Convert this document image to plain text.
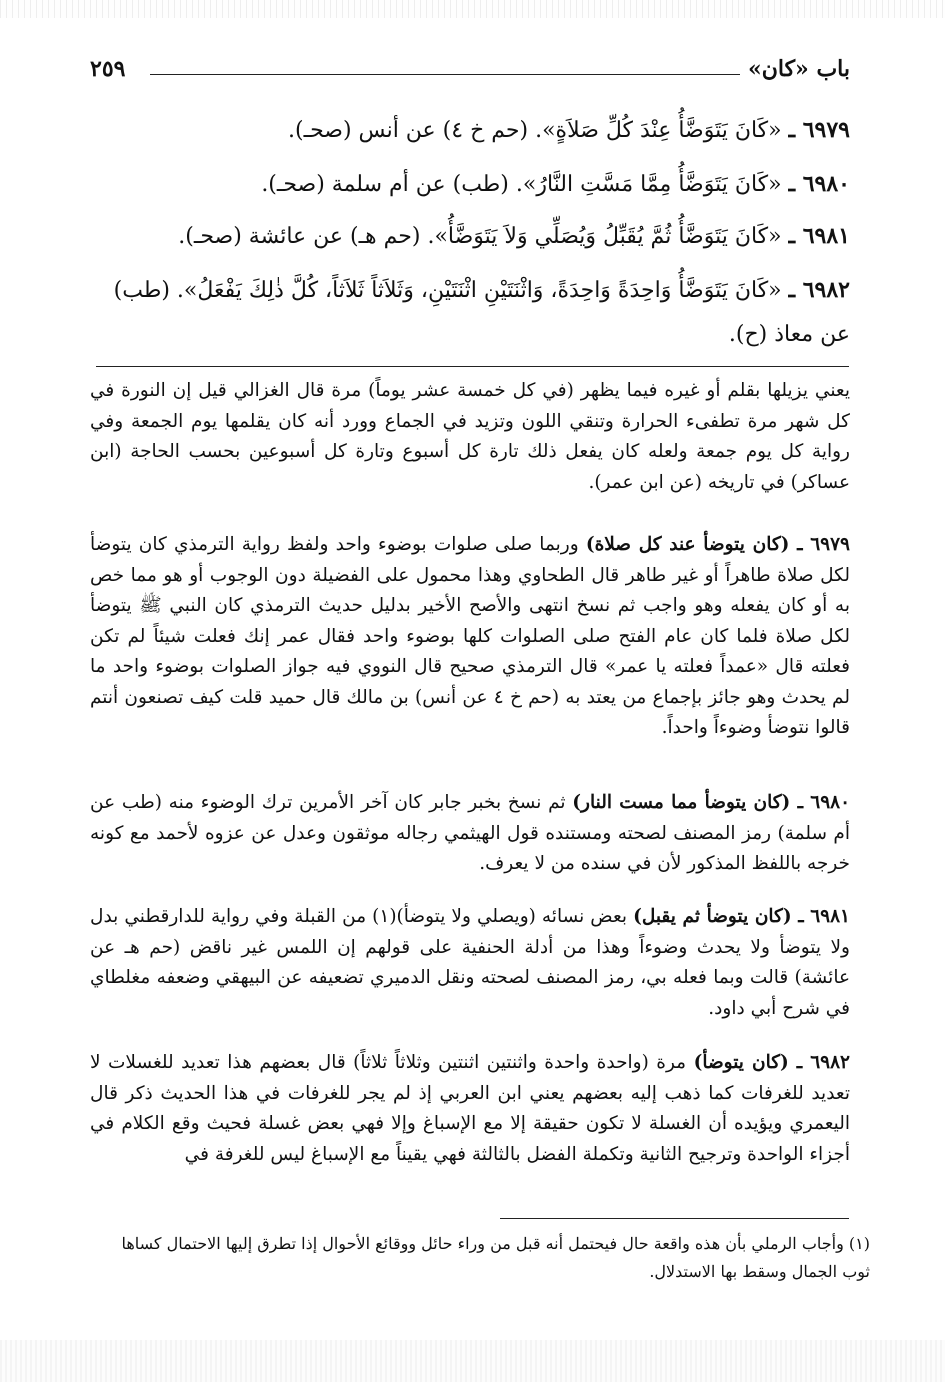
باب «كان»
٢٥٩
٦٩٧٩ ـ «كَانَ يَتَوَضَّأُ عِنْدَ كُلِّ صَلاَةٍ». (حم خ ٤) عن أنس (صحـ).
٦٩٨٠ ـ «كَانَ يَتَوَضَّأُ مِمَّا مَسَّتِ النَّارُ». (طب) عن أم سلمة (صحـ).
٦٩٨١ ـ «كَانَ يَتَوَضَّأُ ثُمَّ يُقَبِّلُ وَيُصَلِّي وَلاَ يَتَوَضَّأُ». (حم هـ) عن عائشة (صحـ).
٦٩٨٢ ـ «كَانَ يَتَوَضَّأُ وَاحِدَةً وَاحِدَةً، وَاثْنَتَيْنِ اثْنَتَيْنِ، وَثَلاَثاً ثَلاَثاً، كُلَّ ذٰلِكَ يَفْعَلُ». (طب) عن معاذ (ح).
يعني يزيلها بقلم أو غيره فيما يظهر (في كل خمسة عشر يوماً) مرة قال الغزالي قيل إن النورة في كل شهر مرة تطفىء الحرارة وتنقي اللون وتزيد في الجماع وورد أنه كان يقلمها يوم الجمعة وفي رواية كل يوم جمعة ولعله كان يفعل ذلك تارة كل أسبوع وتارة كل أسبوعين بحسب الحاجة (ابن عساكر) في تاريخه (عن ابن عمر).
٦٩٧٩ ـ (كان يتوضأ عند كل صلاة) وربما صلى صلوات بوضوء واحد ولفظ رواية الترمذي كان يتوضأ لكل صلاة طاهراً أو غير طاهر قال الطحاوي وهذا محمول على الفضيلة دون الوجوب أو هو مما خص به أو كان يفعله وهو واجب ثم نسخ انتهى والأصح الأخير بدليل حديث الترمذي كان النبي ﷺ يتوضأ لكل صلاة فلما كان عام الفتح صلى الصلوات كلها بوضوء واحد فقال عمر إنك فعلت شيئاً لم تكن فعلته قال «عمداً فعلته يا عمر» قال الترمذي صحيح قال النووي فيه جواز الصلوات بوضوء واحد ما لم يحدث وهو جائز بإجماع من يعتد به (حم خ ٤ عن أنس) بن مالك قال حميد قلت كيف تصنعون أنتم قالوا نتوضأ وضوءاً واحداً.
٦٩٨٠ ـ (كان يتوضأ مما مست النار) ثم نسخ بخبر جابر كان آخر الأمرين ترك الوضوء منه (طب عن أم سلمة) رمز المصنف لصحته ومستنده قول الهيثمي رجاله موثقون وعدل عن عزوه لأحمد مع كونه خرجه باللفظ المذكور لأن في سنده من لا يعرف.
٦٩٨١ ـ (كان يتوضأ ثم يقبل) بعض نسائه (ويصلي ولا يتوضأ)(١) من القبلة وفي رواية للدارقطني بدل ولا يتوضأ ولا يحدث وضوءاً وهذا من أدلة الحنفية على قولهم إن اللمس غير ناقض (حم هـ عن عائشة) قالت وبما فعله بي، رمز المصنف لصحته ونقل الدميري تضعيفه عن البيهقي وضعفه مغلطاي في شرح أبي داود.
٦٩٨٢ ـ (كان يتوضأ) مرة (واحدة واحدة واثنتين اثنتين وثلاثاً ثلاثاً) قال بعضهم هذا تعديد للغسلات لا تعديد للغرفات كما ذهب إليه بعضهم يعني ابن العربي إذ لم يجر للغرفات في هذا الحديث ذكر قال اليعمري ويؤيده أن الغسلة لا تكون حقيقة إلا مع الإسباغ وإلا فهي بعض غسلة فحيث وقع الكلام في أجزاء الواحدة وترجيح الثانية وتكملة الفضل بالثالثة فهي يقيناً مع الإسباغ ليس للغرفة في
(١) وأجاب الرملي بأن هذه واقعة حال فيحتمل أنه قبل من وراء حائل ووقائع الأحوال إذا تطرق إليها الاحتمال كساها ثوب الجمال وسقط بها الاستدلال.
